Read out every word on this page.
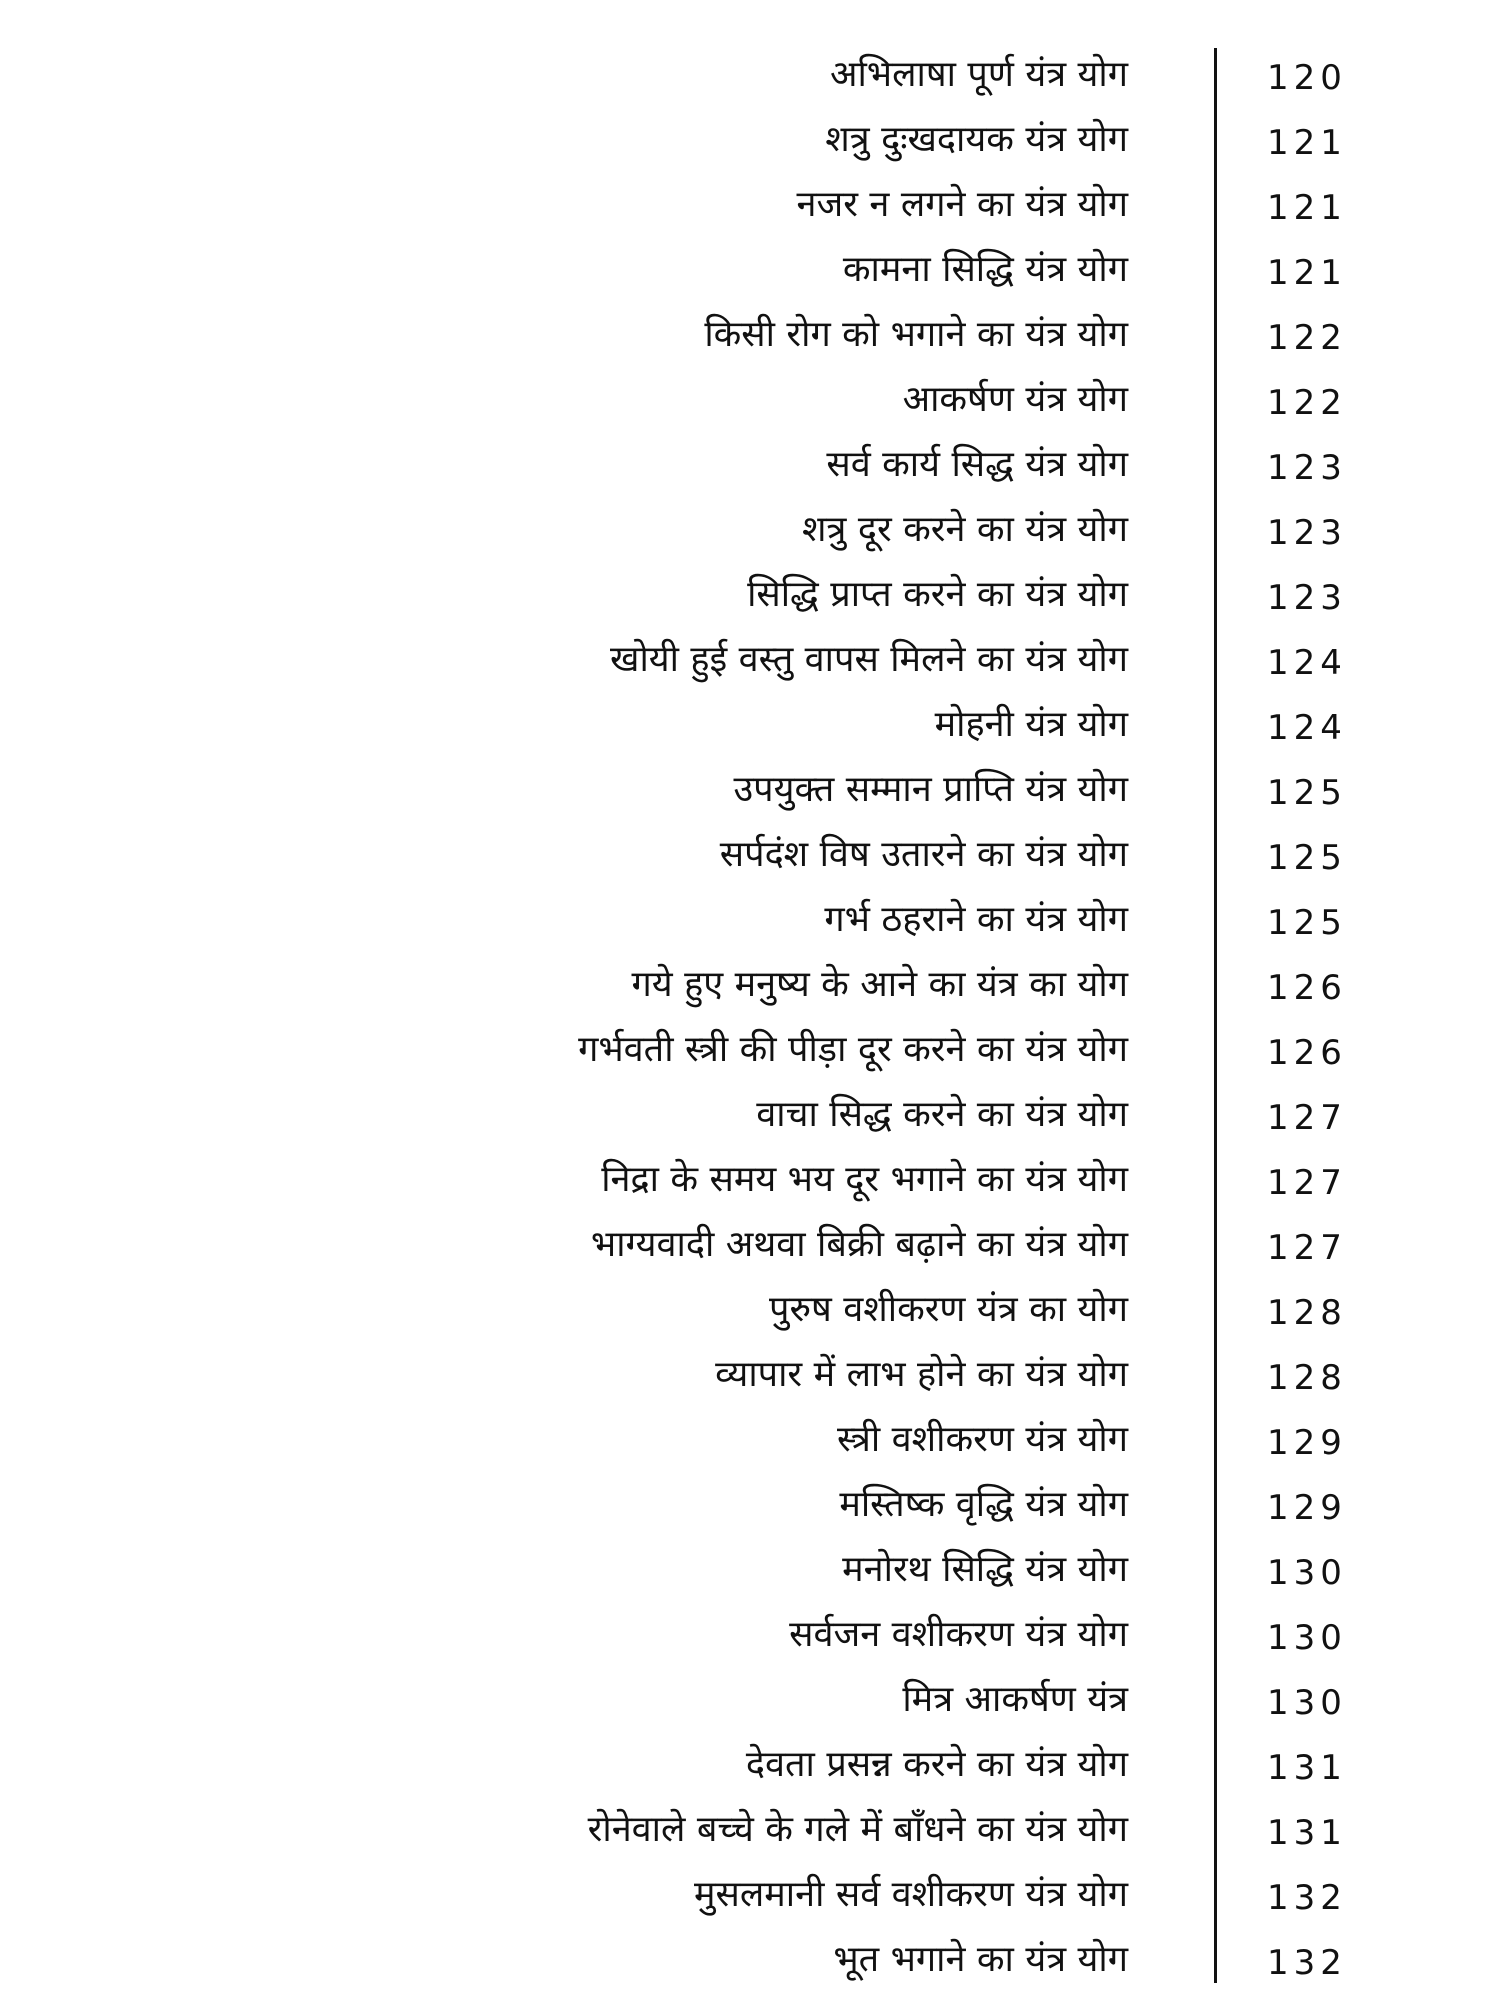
अभिलाषा पूर्ण यंत्र योग	120
शत्रु दुःखदायक यंत्र योग	121
नजर न लगने का यंत्र योग	121
कामना सिद्धि यंत्र योग	121
किसी रोग को भगाने का यंत्र योग	122
आकर्षण यंत्र योग	122
सर्व कार्य सिद्ध यंत्र योग	123
शत्रु दूर करने का यंत्र योग	123
सिद्धि प्राप्त करने का यंत्र योग	123
खोयी हुई वस्तु वापस मिलने का यंत्र योग	124
मोहनी यंत्र योग	124
उपयुक्त सम्मान प्राप्ति यंत्र योग	125
सर्पदंश विष उतारने का यंत्र योग	125
गर्भ ठहराने का यंत्र योग	125
गये हुए मनुष्य के आने का यंत्र का योग	126
गर्भवती स्त्री की पीड़ा दूर करने का यंत्र योग	126
वाचा सिद्ध करने का यंत्र योग	127
निद्रा के समय भय दूर भगाने का यंत्र योग	127
भाग्यवादी अथवा बिक्री बढ़ाने का यंत्र योग	127
पुरुष वशीकरण यंत्र का योग	128
व्यापार में लाभ होने का यंत्र योग	128
स्त्री वशीकरण यंत्र योग	129
मस्तिष्क वृद्धि यंत्र योग	129
मनोरथ सिद्धि यंत्र योग	130
सर्वजन वशीकरण यंत्र योग	130
मित्र आकर्षण यंत्र	130
देवता प्रसन्न करने का यंत्र योग	131
रोनेवाले बच्चे के गले में बाँधने का यंत्र योग	131
मुसलमानी सर्व वशीकरण यंत्र योग	132
भूत भगाने का यंत्र योग	132
